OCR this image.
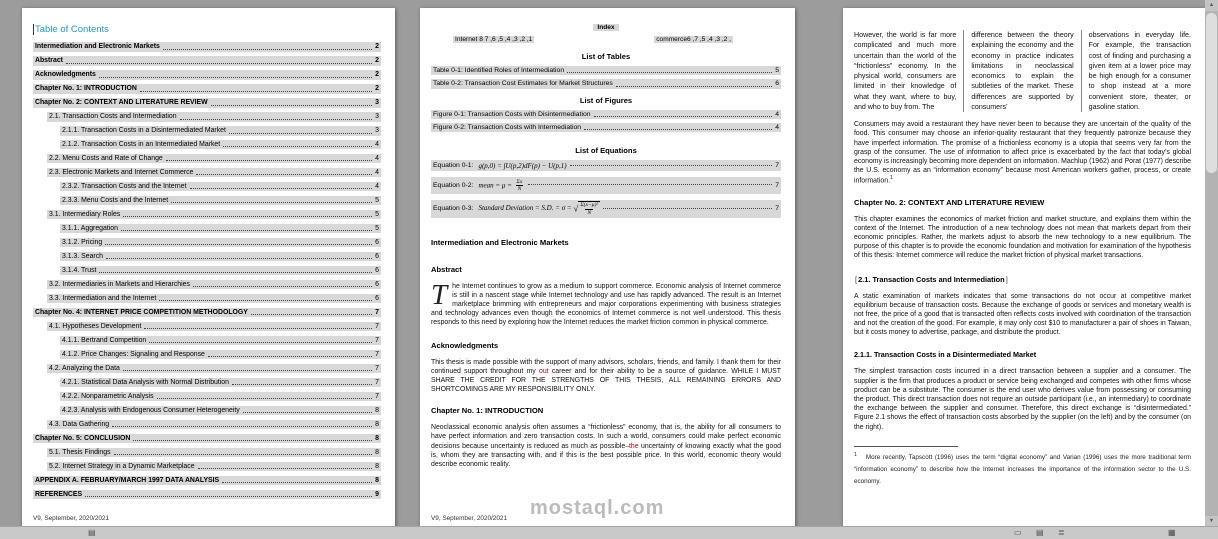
Table of Contents
Intermediation and Electronic Markets	2
Abstract	2
Acknowledgments	2
Chapter No. 1: INTRODUCTION	2
Chapter No. 2: CONTEXT AND LITERATURE REVIEW	3
2.1. Transaction Costs and Intermediation	3
2.1.1. Transaction Costs in a Disintermediated Market	3
2.1.2. Transaction Costs in an Intermediated Market	4
2.2. Menu Costs and Rate of Change	4
2.3. Electronic Markets and Internet Commerce	4
2.3.2. Transaction Costs and the Internet	4
2.3.3. Menu Costs and the Internet	5
3.1. Intermediary Roles	5
3.1.1. Aggregation	5
3.1.2. Pricing	6
3.1.3. Search	6
3.1.4. Trust	6
3.2. Intermediaries in Markets and Hierarchies	6
3.3. Intermediation and the Internet	6
Chapter No. 4: INTERNET PRICE COMPETITION METHODOLOGY	7
4.1. Hypotheses Development	7
4.1.1. Bertrand Competition	7
4.1.2. Price Changes: Signaling and Response	7
4.2. Analyzing the Data	7
4.2.1. Statistical Data Analysis with Normal Distribution	7
4.2.2. Nonparametric Analysis	7
4.2.3. Analysis with Endogenous Consumer Heterogeneity	8
4.3. Data Gathering	8
Chapter No. 5: CONCLUSION	8
5.1. Thesis Findings	8
5.2. Internet Strategy in a Dynamic Marketplace	8
APPENDIX A. FEBRUARY/MARCH 1997 DATA ANALYSIS	8
REFERENCES	9
V9, September, 2020/2021
Index
Internet 8 7 ,6 ,5 ,4 ,3 ,2 ,1	commerce6 ,7 ,5 ,4 ,3 ,2 ,
List of Tables
Table 0-1: Identified Roles of Intermediation	5
Table 0-2: Transaction Cost Estimates for Market Structures	6
List of Figures
Figure 0-1: Transaction Costs with Disintermediation	4
Figure 0-2: Transaction Costs with Intermediation	4
List of Equations
Equation 0-1: g(p,0) = ∫U(p,2)dF(p) − U(p,1)	7
Equation 0-2: mean = $\mu = \frac{\Sigma x}{N}$	7
Equation 0-3: Standard Deviation = S.D. = σ = √ $\frac{\text{Σ(x−μ)²}}{N}$	7
Intermediation and Electronic Markets
Abstract

The Internet continues to grow as a medium to support commerce. Economic analysis of Internet commerce is still in a nascent stage while Internet technology and use has rapidly advanced. The result is an Internet marketplace brimming with entrepreneurs and major corporations experimenting with business strategies and technology advances even though the economics of Internet commerce is not well understood. This thesis responds to this need by exploring how the Internet reduces the market friction common in physical commerce.

Acknowledgments

This thesis is made possible with the support of many advisors, scholars, friends, and family. I thank them for their continued support throughout my out career and for their ability to be a source of guidance. WHILE I MUST SHARE THE CREDIT FOR THE STRENGTHS OF THIS THESIS, ALL REMAINING ERRORS AND SHORTCOMINGS ARE MY RESPONSIBILITY ONLY.

Chapter No. 1: INTRODUCTION

Neoclassical economic analysis often assumes a “frictionless” economy, that is, the ability for all consumers to have perfect information and zero transaction costs. In such a world, consumers could make perfect economic decisions because uncertainty is reduced as much as possible–the uncertainty of knowing exactly what the good is, whom they are transacting with, and if this is the best possible price. In this world, economic theory would describe economic reality.

mostaql.com
V9, September, 2020/2021
However, the world is far more complicated and much more uncertain than the world of the “frictionless” economy. In the physical world, consumers are limited in their knowledge of what they want, where to buy, and who to buy from. The
difference between the theory explaining the economy and the economy in practice indicates limitations in neoclassical economics to explain the subtleties of the market. These differences are supported by consumers’
observations in everyday life. For example, the transaction cost of finding and purchasing a given item at a lower price may be high enough for a consumer to shop instead at a more convenient store, theater, or gasoline station.

Consumers may avoid a restaurant they have never been to because they are uncertain of the quality of the food. This consumer may choose an inferior-quality restaurant that they frequently patronize because they have imperfect information. The promise of a frictionless economy is a utopia that seems very far from the grasp of the consumer. The use of information to affect price is exacerbated by the fact that today’s global economy is increasingly becoming more dependent on information. Machlup (1962) and Porat (1977) describe the U.S. economy as an “information economy” because most American workers gather, process, or create information.$^1$

Chapter No. 2: CONTEXT AND LITERATURE REVIEW

This chapter examines the economics of market friction and market structure, and explains them within the context of the Internet. The introduction of a new technology does not mean that markets depart from their economic principles. Rather, the markets adjust to absorb the new technology to a new equilibrium. The purpose of this chapter is to provide the economic foundation and motivation for examination of the hypothesis of this thesis: Internet commerce will reduce the market friction of physical market transactions.

[2.1. Transaction Costs and Intermediation]

A static examination of markets indicates that some transactions do not occur at competitive market equilibrium because of transaction costs. Because the exchange of goods or services and monetary wealth is not free, the price of a good that is transacted often reflects costs involved with coordination of the transaction and not the creation of the good. For example, it may only cost $10 to manufacturer a pair of shoes in Taiwan, but it costs money to advertise, package, and distribute the product.

2.1.1. Transaction Costs in a Disintermediated Market

The simplest transaction costs incurred in a direct transaction between a supplier and a consumer. The supplier is the firm that produces a product or service being exchanged and competes with other firms whose product can be a substitute. The consumer is the end user who derives value from possessing or consuming the product. This direct transaction does not require an outside participant (i.e., an intermediary) to coordinate the exchange between the supplier and consumer. Therefore, this direct exchange is “disintermediated.” Figure 2.1 shows the effect of transaction costs absorbed by the supplier (on the left) and by the consumer (on the right).

$^1$ More recently, Tapscott (1996) uses the term “digital economy” and Varian (1996) uses the more traditional term “information economy” to describe how the Internet increases the importance of the information sector to the U.S. economy.
▲
▼
▤	▭ ▤ ≣	▦
